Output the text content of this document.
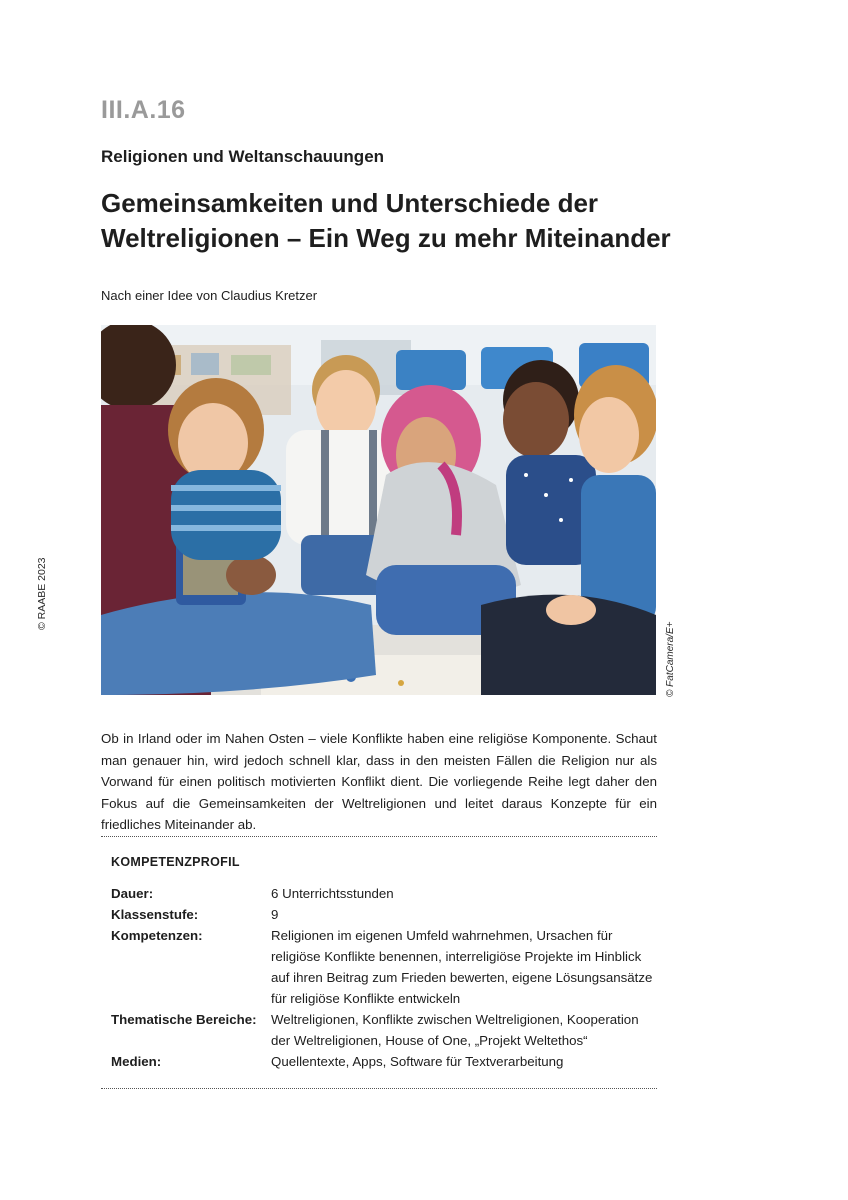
III.A.16
Religionen und Weltanschauungen
Gemeinsamkeiten und Unterschiede der
Weltreligionen – Ein Weg zu mehr Miteinander
Nach einer Idee von Claudius Kretzer
© RAABE 2023
© FatCamera/E+
Ob in Irland oder im Nahen Osten – viele Konflikte haben eine religiöse Komponente. Schaut man genauer hin, wird jedoch schnell klar, dass in den meisten Fällen die Religion nur als Vorwand für einen politisch motivierten Konflikt dient. Die vorliegende Reihe legt daher den Fokus auf die Gemeinsamkeiten der Weltreligionen und leitet daraus Konzepte für ein friedliches Miteinander ab.
KOMPETENZPROFIL
Dauer:	6 Unterrichtsstunden
Klassenstufe:	9
Kompetenzen:	Religionen im eigenen Umfeld wahrnehmen, Ursachen für religiöse Konflikte benennen, interreligiöse Projekte im Hinblick auf ihren Beitrag zum Frieden bewerten, eigene Lösungsansätze für religiöse Konflikte entwickeln
Thematische Bereiche:	Weltreligionen, Konflikte zwischen Weltreligionen, Kooperation der Weltreligionen, House of One, „Projekt Weltethos“
Medien:	Quellentexte, Apps, Software für Textverarbeitung
